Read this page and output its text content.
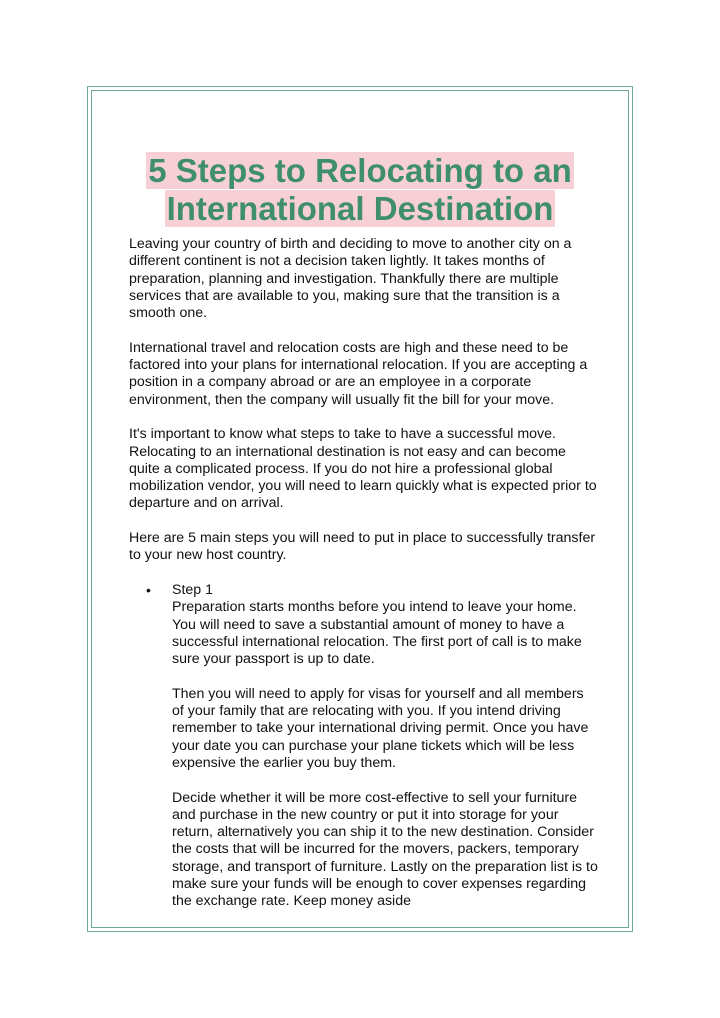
5 Steps to Relocating to an
International Destination

Leaving your country of birth and deciding to move to another city on a different continent is not a decision taken lightly. It takes months of preparation, planning and investigation. Thankfully there are multiple services that are available to you, making sure that the transition is a smooth one.

International travel and relocation costs are high and these need to be factored into your plans for international relocation. If you are accepting a position in a company abroad or are an employee in a corporate environment, then the company will usually fit the bill for your move.

It's important to know what steps to take to have a successful move. Relocating to an international destination is not easy and can become quite a complicated process. If you do not hire a professional global mobilization vendor, you will need to learn quickly what is expected prior to departure and on arrival.

Here are 5 main steps you will need to put in place to successfully transfer to your new host country.

• Step 1

Preparation starts months before you intend to leave your home. You will need to save a substantial amount of money to have a successful international relocation. The first port of call is to make sure your passport is up to date.

Then you will need to apply for visas for yourself and all members of your family that are relocating with you. If you intend driving remember to take your international driving permit. Once you have your date you can purchase your plane tickets which will be less expensive the earlier you buy them.

Decide whether it will be more cost-effective to sell your furniture and purchase in the new country or put it into storage for your return, alternatively you can ship it to the new destination. Consider the costs that will be incurred for the movers, packers, temporary storage, and transport of furniture. Lastly on the preparation list is to make sure your funds will be enough to cover expenses regarding the exchange rate. Keep money aside
